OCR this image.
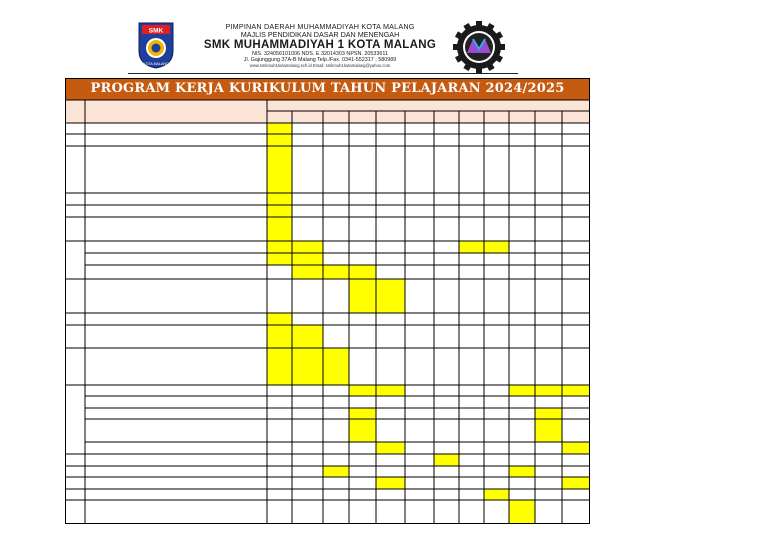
SMK
KOTA MALANG
PIMPINAN DAERAH MUHAMMADIYAH KOTA MALANG
MAJLIS PENDIDIKAN DASAR DAN MENENGAH
SMK MUHAMMADIYAH 1 KOTA MALANG
NIS. 324056101006 NDS. E 32014303 NPSN. 20533611
Jl. Gajunggung 37A-B Malang Telp./Fax. 0341-552317 ; 580989
www.smkmuh1kotamalang.sch.id Email: smkmuh1kotamalang@yahoo.com
PROGRAM KERJA KURIKULUM TAHUN PELAJARAN 2024/2025
